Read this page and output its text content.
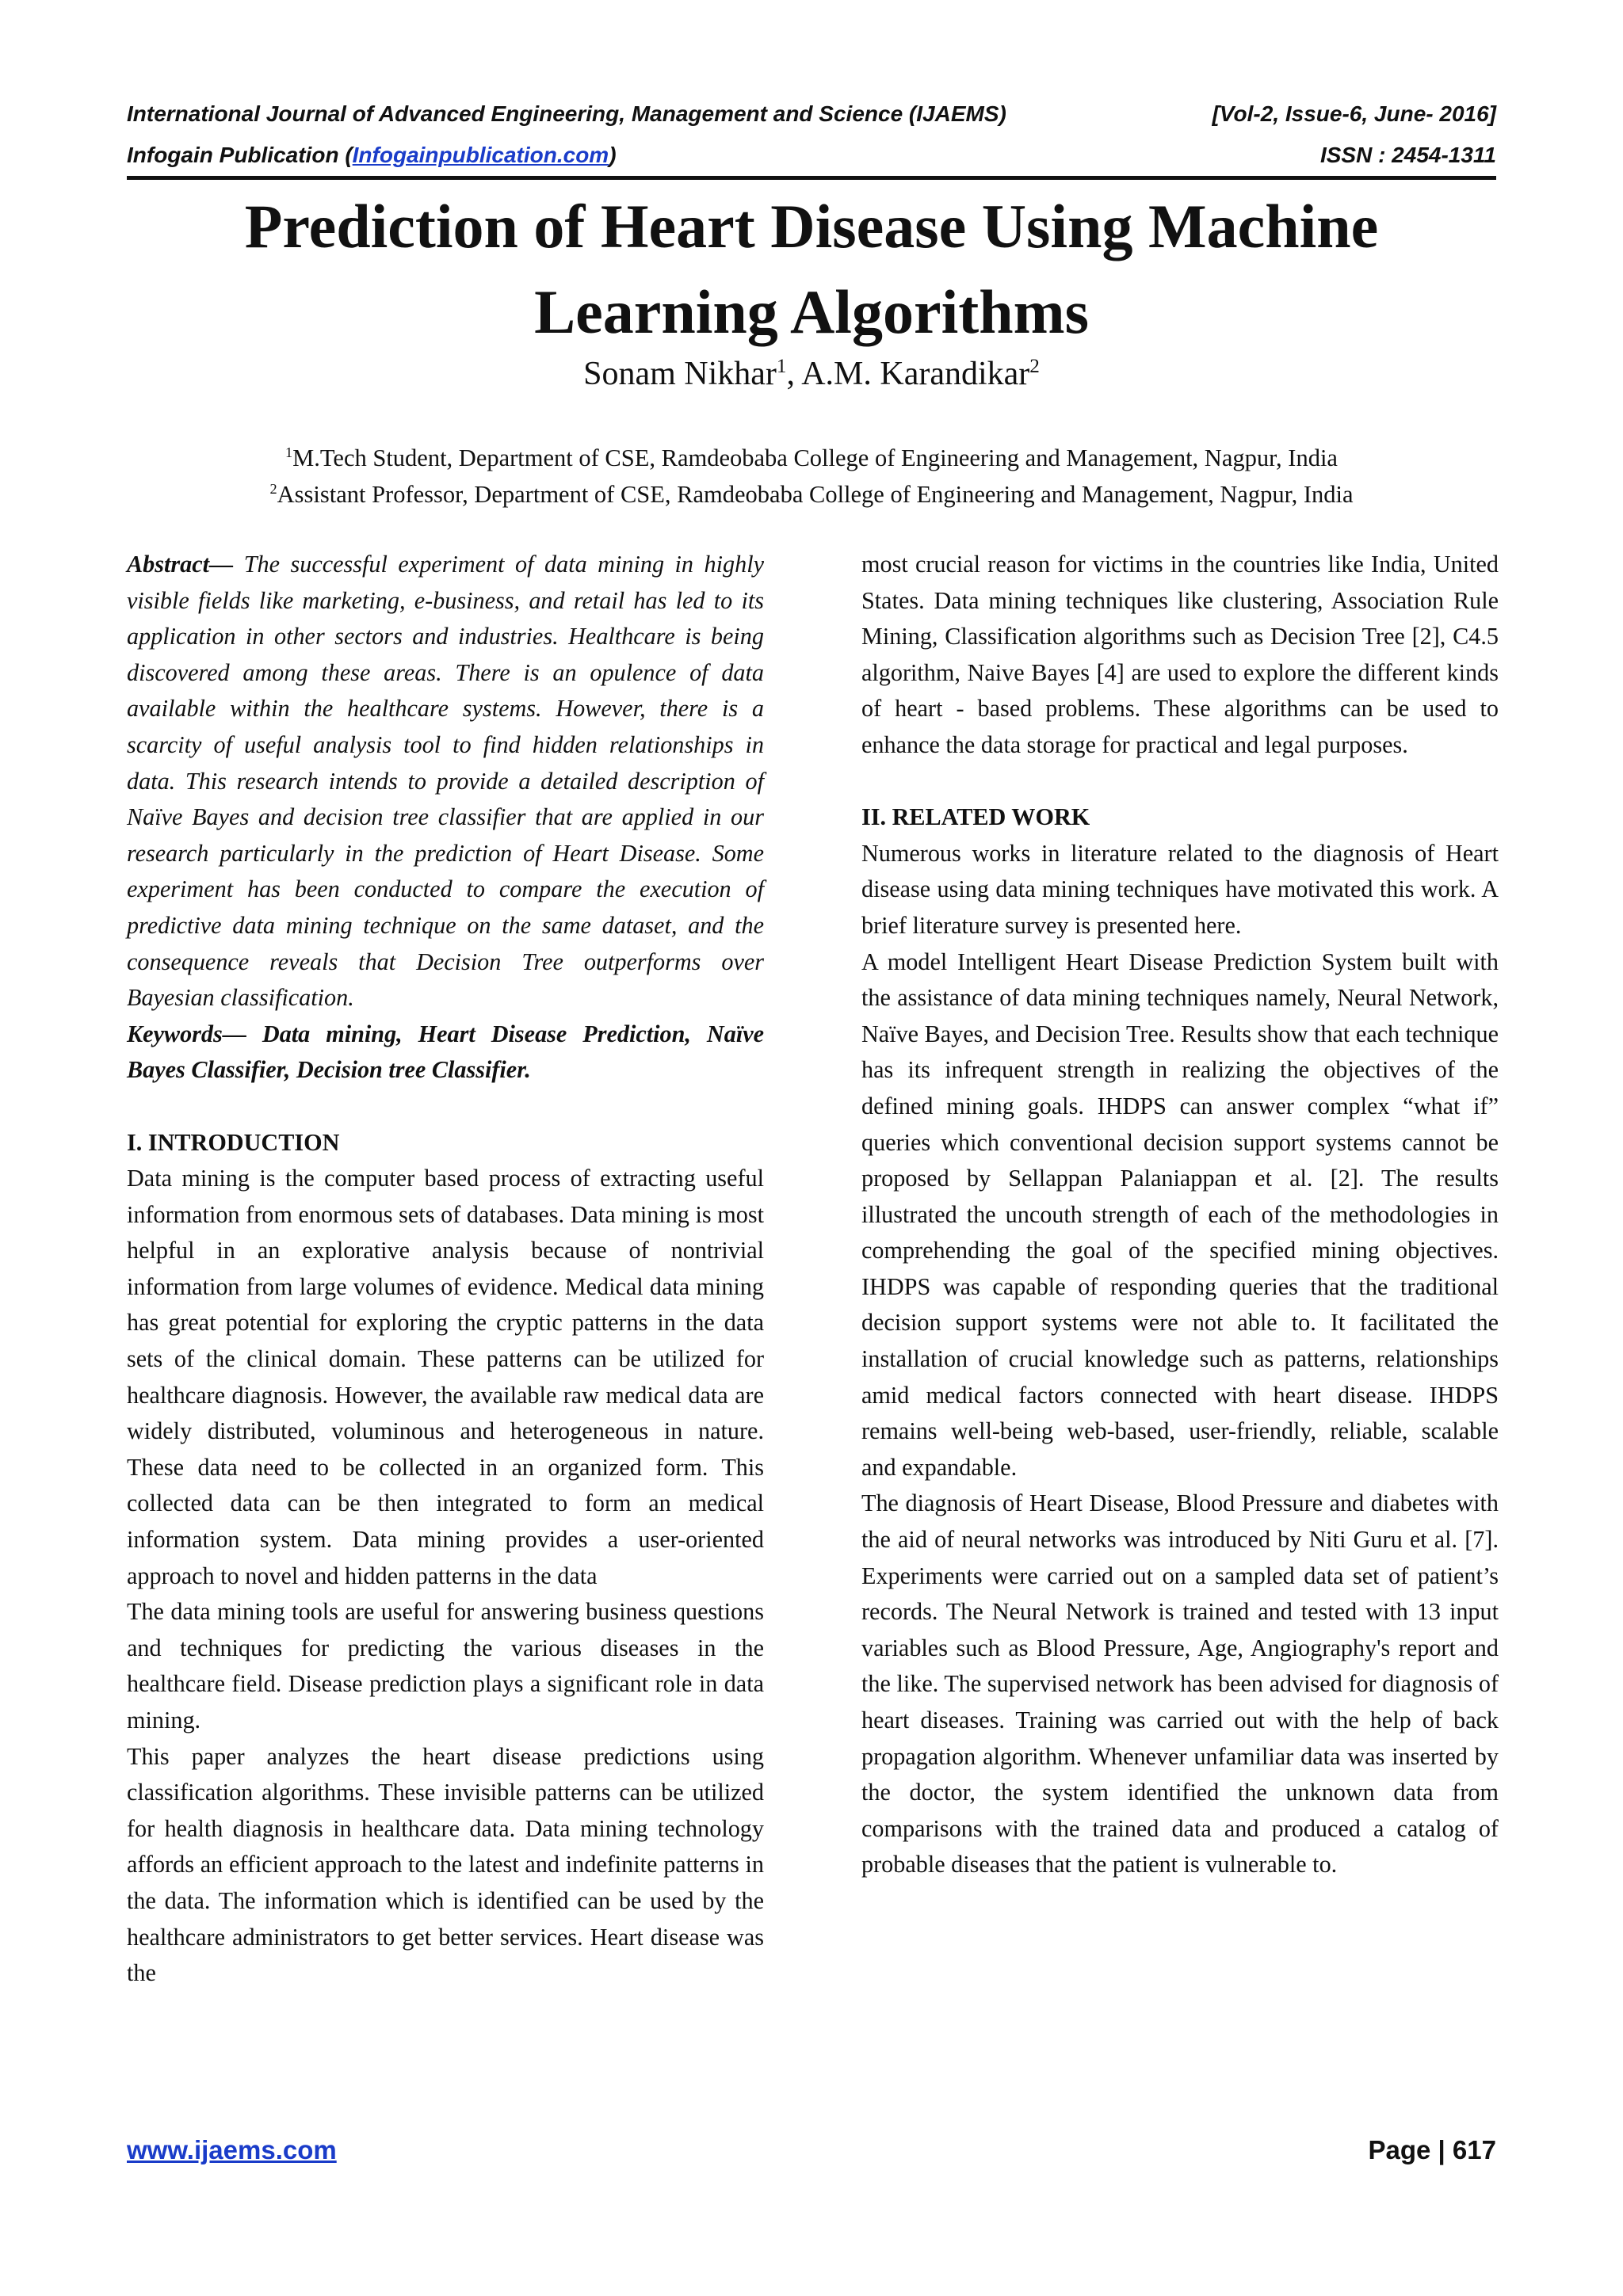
International Journal of Advanced Engineering, Management and Science (IJAEMS)	[Vol-2, Issue-6, June- 2016]
Infogain Publication (Infogainpublication.com)	ISSN : 2454-1311
Prediction of Heart Disease Using Machine
Learning Algorithms
Sonam Nikhar$^1$, A.M. Karandikar$^2$
$^1$M.Tech Student, Department of CSE, Ramdeobaba College of Engineering and Management, Nagpur, India
$^2$Assistant Professor, Department of CSE, Ramdeobaba College of Engineering and Management, Nagpur, India

Abstract— The successful experiment of data mining in highly visible fields like marketing, e-business, and retail has led to its application in other sectors and industries. Healthcare is being discovered among these areas. There is an opulence of data available within the healthcare systems. However, there is a scarcity of useful analysis tool to find hidden relationships in data. This research intends to provide a detailed description of Naïve Bayes and decision tree classifier that are applied in our research particularly in the prediction of Heart Disease. Some experiment has been conducted to compare the execution of predictive data mining technique on the same dataset, and the consequence reveals that Decision Tree outperforms over Bayesian classification.

Keywords— Data mining, Heart Disease Prediction, Naïve Bayes Classifier, Decision tree Classifier.

I. INTRODUCTION

Data mining is the computer based process of extracting useful information from enormous sets of databases. Data mining is most helpful in an explorative analysis because of nontrivial information from large volumes of evidence. Medical data mining has great potential for exploring the cryptic patterns in the data sets of the clinical domain. These patterns can be utilized for healthcare diagnosis. However, the available raw medical data are widely distributed, voluminous and heterogeneous in nature. These data need to be collected in an organized form. This collected data can be then integrated to form an medical information system. Data mining provides a user-oriented approach to novel and hidden patterns in the data

The data mining tools are useful for answering business questions and techniques for predicting the various diseases in the healthcare field. Disease prediction plays a significant role in data mining.

This paper analyzes the heart disease predictions using classification algorithms. These invisible patterns can be utilized for health diagnosis in healthcare data. Data mining technology affords an efficient approach to the latest and indefinite patterns in the data. The information which is identified can be used by the healthcare administrators to get better services. Heart disease was the

most crucial reason for victims in the countries like India, United States. Data mining techniques like clustering, Association Rule Mining, Classification algorithms such as Decision Tree [2], C4.5 algorithm, Naive Bayes [4] are used to explore the different kinds of heart - based problems. These algorithms can be used to enhance the data storage for practical and legal purposes.

II. RELATED WORK

Numerous works in literature related to the diagnosis of Heart disease using data mining techniques have motivated this work. A brief literature survey is presented here.

A model Intelligent Heart Disease Prediction System built with the assistance of data mining techniques namely, Neural Network, Naïve Bayes, and Decision Tree. Results show that each technique has its infrequent strength in realizing the objectives of the defined mining goals. IHDPS can answer complex “what if” queries which conventional decision support systems cannot be proposed by Sellappan Palaniappan et al. [2]. The results illustrated the uncouth strength of each of the methodologies in comprehending the goal of the specified mining objectives. IHDPS was capable of responding queries that the traditional decision support systems were not able to. It facilitated the installation of crucial knowledge such as patterns, relationships amid medical factors connected with heart disease. IHDPS remains well-being web-based, user-friendly, reliable, scalable and expandable.

The diagnosis of Heart Disease, Blood Pressure and diabetes with the aid of neural networks was introduced by Niti Guru et al. [7]. Experiments were carried out on a sampled data set of patient’s records. The Neural Network is trained and tested with 13 input variables such as Blood Pressure, Age, Angiography's report and the like. The supervised network has been advised for diagnosis of heart diseases. Training was carried out with the help of back propagation algorithm. Whenever unfamiliar data was inserted by the doctor, the system identified the unknown data from comparisons with the trained data and produced a catalog of probable diseases that the patient is vulnerable to.

www.ijaems.com	Page | 617
